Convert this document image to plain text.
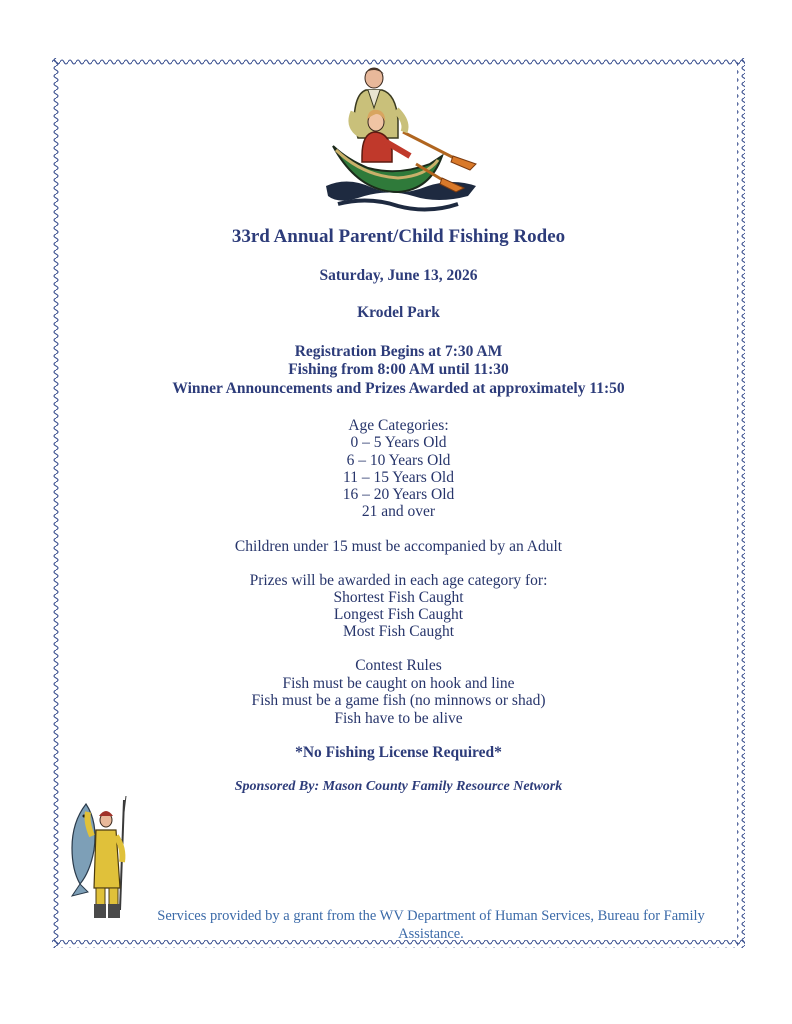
33rd Annual Parent/Child Fishing Rodeo
Saturday, June 13, 2026
Krodel Park
Registration Begins at 7:30 AM
Fishing from 8:00 AM until 11:30
Winner Announcements and Prizes Awarded at approximately 11:50
Age Categories:
0 – 5 Years Old
6 – 10 Years Old
11 – 15 Years Old
16 – 20 Years Old
21 and over
Children under 15 must be accompanied by an Adult
Prizes will be awarded in each age category for:
Shortest Fish Caught
Longest Fish Caught
Most Fish Caught
Contest Rules
Fish must be caught on hook and line
Fish must be a game fish (no minnows or shad)
Fish have to be alive
*No Fishing License Required*
Sponsored By: Mason County Family Resource Network
Services provided by a grant from the WV Department of Human Services, Bureau for Family
Assistance.
